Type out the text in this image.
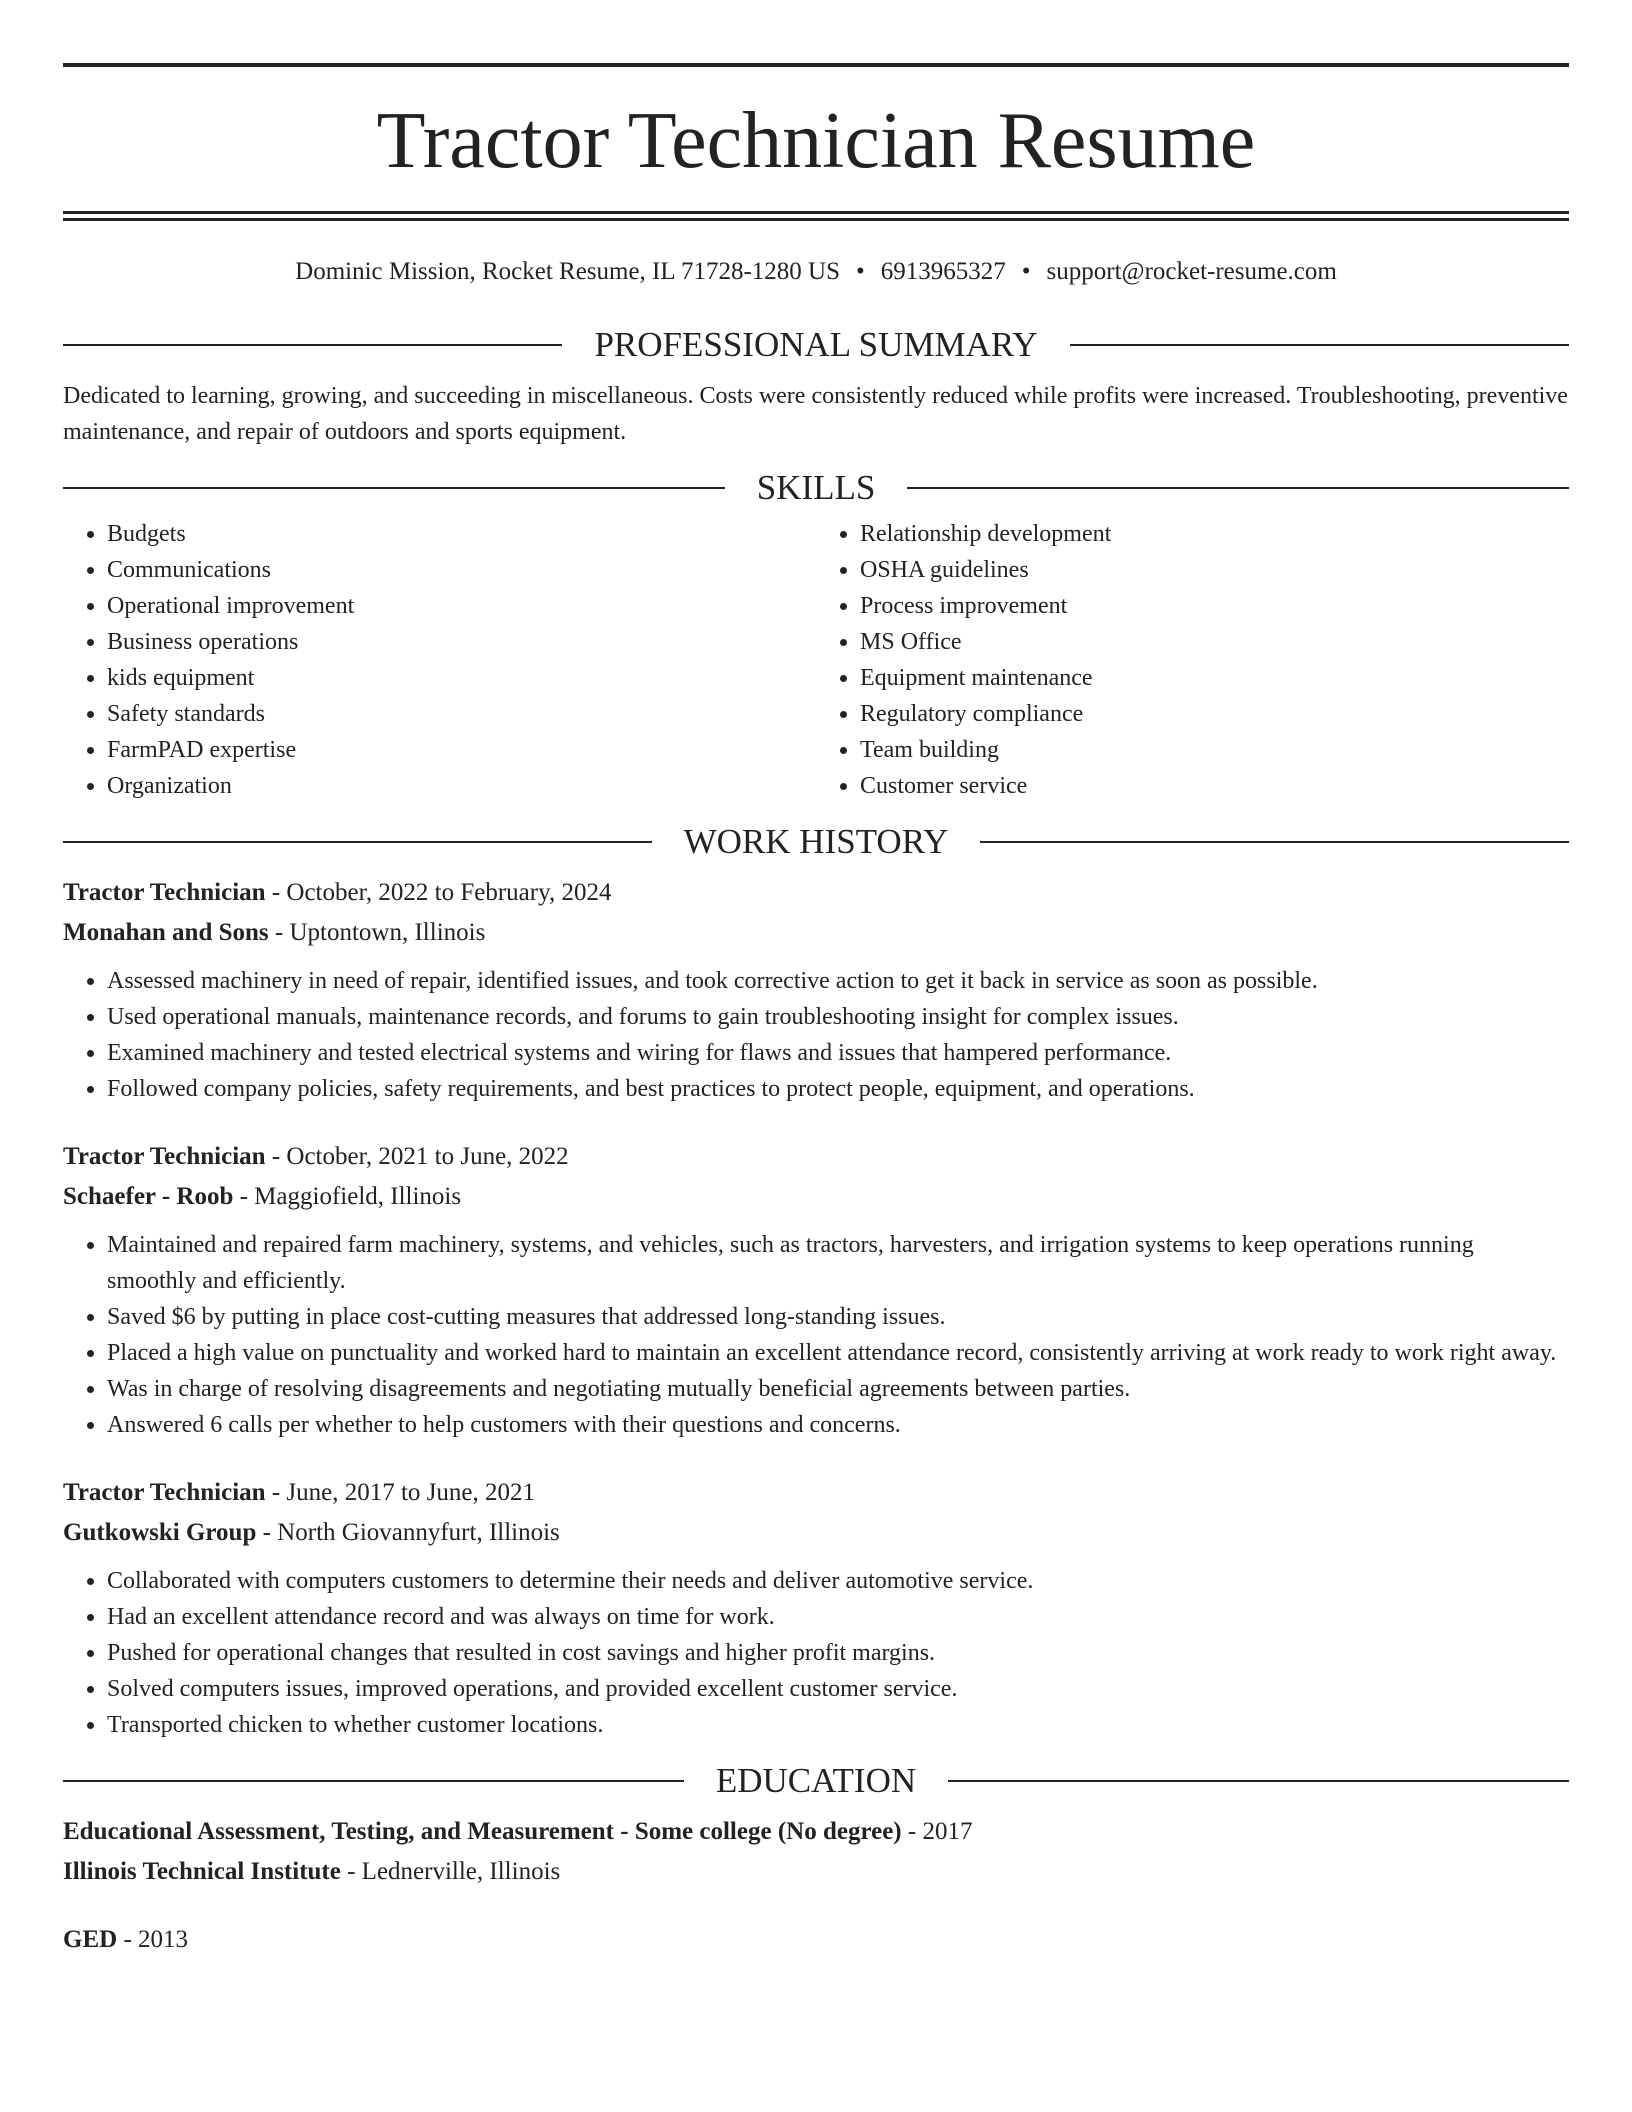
Tractor Technician Resume
Dominic Mission, Rocket Resume, IL 71728-1280 US • 6913965327 • support@rocket-resume.com
PROFESSIONAL SUMMARY

Dedicated to learning, growing, and succeeding in miscellaneous. Costs were consistently reduced while profits were increased. Troubleshooting, preventive maintenance, and repair of outdoors and sports equipment.

SKILLS
• Budgets
• Communications
• Operational improvement
• Business operations
• kids equipment
• Safety standards
• FarmPAD expertise
• Organization
• Relationship development
• OSHA guidelines
• Process improvement
• MS Office
• Equipment maintenance
• Regulatory compliance
• Team building
• Customer service
WORK HISTORY

Tractor Technician - October, 2022 to February, 2024

Monahan and Sons - Uptontown, Illinois

• Assessed machinery in need of repair, identified issues, and took corrective action to get it back in service as soon as possible.
• Used operational manuals, maintenance records, and forums to gain troubleshooting insight for complex issues.
• Examined machinery and tested electrical systems and wiring for flaws and issues that hampered performance.
• Followed company policies, safety requirements, and best practices to protect people, equipment, and operations.

Tractor Technician - October, 2021 to June, 2022

Schaefer - Roob - Maggiofield, Illinois

• Maintained and repaired farm machinery, systems, and vehicles, such as tractors, harvesters, and irrigation systems to keep operations running smoothly and efficiently.
• Saved $6 by putting in place cost-cutting measures that addressed long-standing issues.
• Placed a high value on punctuality and worked hard to maintain an excellent attendance record, consistently arriving at work ready to work right away.
• Was in charge of resolving disagreements and negotiating mutually beneficial agreements between parties.
• Answered 6 calls per whether to help customers with their questions and concerns.

Tractor Technician - June, 2017 to June, 2021

Gutkowski Group - North Giovannyfurt, Illinois

• Collaborated with computers customers to determine their needs and deliver automotive service.
• Had an excellent attendance record and was always on time for work.
• Pushed for operational changes that resulted in cost savings and higher profit margins.
• Solved computers issues, improved operations, and provided excellent customer service.
• Transported chicken to whether customer locations.
EDUCATION

Educational Assessment, Testing, and Measurement - Some college (No degree) - 2017

Illinois Technical Institute - Lednerville, Illinois

GED - 2013
